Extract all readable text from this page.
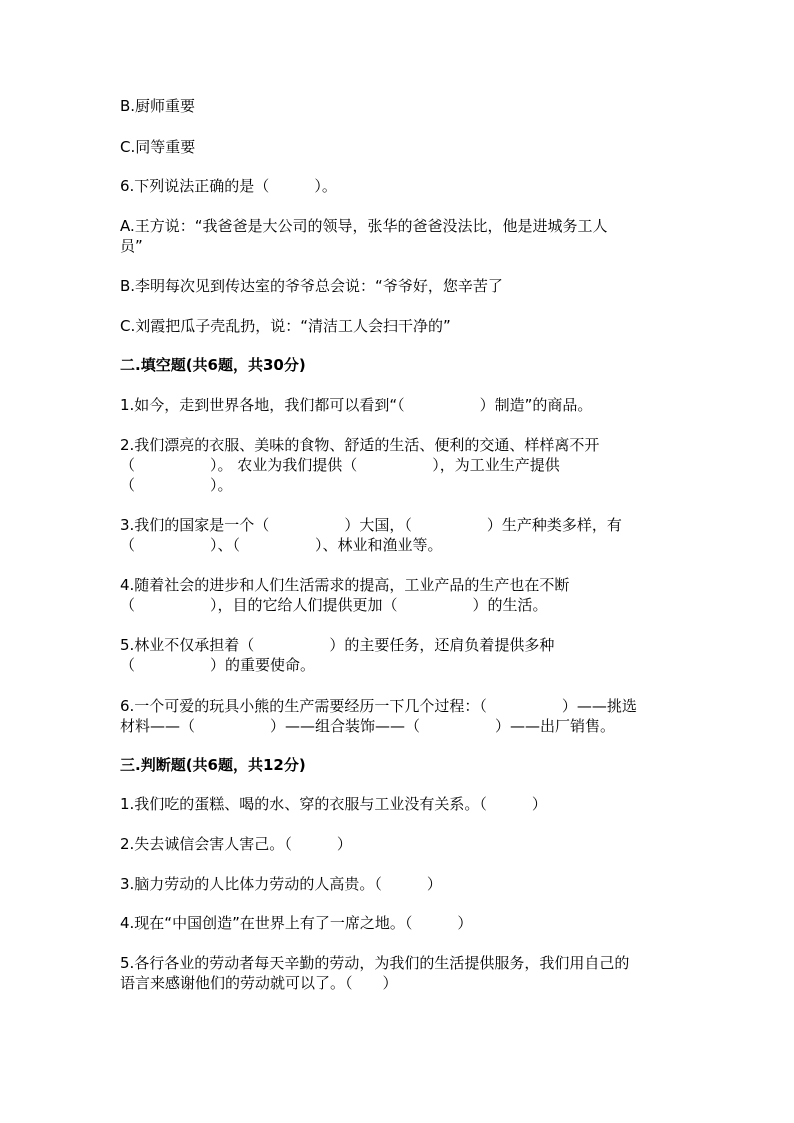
B.厨师重要
C.同等重要
6.下列说法正确的是（　　　）。
A.王方说：“我爸爸是大公司的领导，张华的爸爸没法比，他是进城务工人
员”
B.李明每次见到传达室的爷爷总会说：“爷爷好，您辛苦了
C.刘霞把瓜子壳乱扔，说：“清洁工人会扫干净的”
二.填空题(共6题，共30分)
1.如今，走到世界各地，我们都可以看到“（　　　　　）制造”的商品。
2.我们漂亮的衣服、美味的食物、舒适的生活、便利的交通、样样离不开
（　　　　　）。 农业为我们提供（　　　　　），为工业生产提供
（　　　　　）。
3.我们的国家是一个（　　　　　）大国，（　　　　　）生产种类多样，有
（　　　　　）、（　　　　　）、林业和渔业等。
4.随着社会的进步和人们生活需求的提高，工业产品的生产也在不断
（　　　　　），目的它给人们提供更加（　　　　　）的生活。
5.林业不仅承担着（　　　　　）的主要任务，还肩负着提供多种
（　　　　　）的重要使命。
6.一个可爱的玩具小熊的生产需要经历一下几个过程：（　　　　　）——挑选
材料——（　　　　　）——组合装饰——（　　　　　）——出厂销售。
三.判断题(共6题，共12分)
1.我们吃的蛋糕、喝的水、穿的衣服与工业没有关系。（　　　）
2.失去诚信会害人害己。（　　　）
3.脑力劳动的人比体力劳动的人高贵。（　　　）
4.现在“中国创造”在世界上有了一席之地。（　　　）
5.各行各业的劳动者每天辛勤的劳动，为我们的生活提供服务，我们用自己的
语言来感谢他们的劳动就可以了。（　　）
